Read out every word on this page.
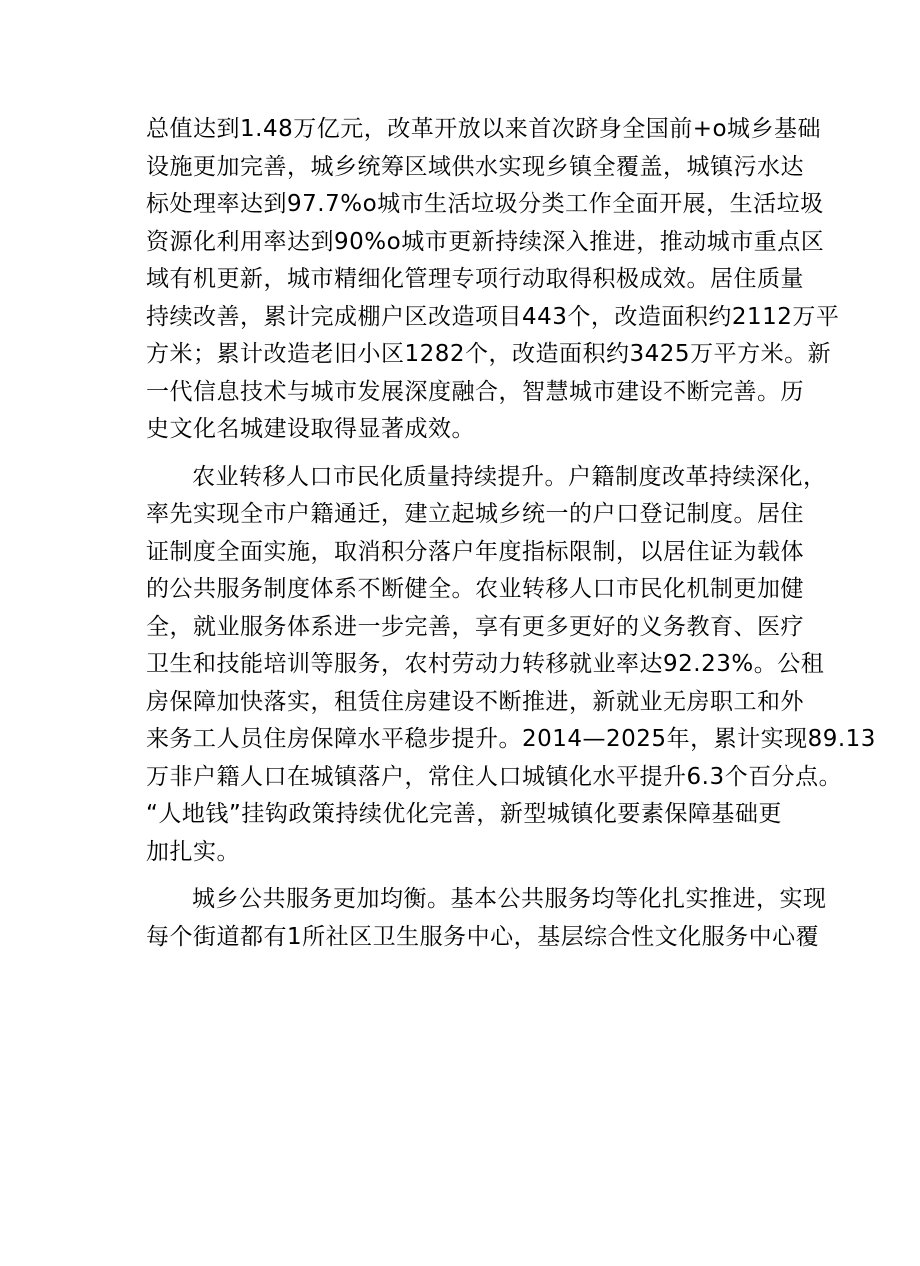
总值达到1.48万亿元，改革开放以来首次跻身全国前+o城乡基础
设施更加完善，城乡统筹区域供水实现乡镇全覆盖，城镇污水达
标处理率达到97.7%o城市生活垃圾分类工作全面开展，生活垃圾
资源化利用率达到90%o城市更新持续深入推进，推动城市重点区
域有机更新，城市精细化管理专项行动取得积极成效。居住质量
持续改善，累计完成棚户区改造项目443个，改造面积约2112万平
方米；累计改造老旧小区1282个，改造面积约3425万平方米。新
一代信息技术与城市发展深度融合，智慧城市建设不断完善。历
史文化名城建设取得显著成效。
农业转移人口市民化质量持续提升。户籍制度改革持续深化，
率先实现全市户籍通迁，建立起城乡统一的户口登记制度。居住
证制度全面实施，取消积分落户年度指标限制，以居住证为载体
的公共服务制度体系不断健全。农业转移人口市民化机制更加健
全，就业服务体系进一步完善，享有更多更好的义务教育、医疗
卫生和技能培训等服务，农村劳动力转移就业率达92.23%。公租
房保障加快落实，租赁住房建设不断推进，新就业无房职工和外
来务工人员住房保障水平稳步提升。2014—2025年，累计实现89.13
万非户籍人口在城镇落户，常住人口城镇化水平提升6.3个百分点。
“人地钱”挂钩政策持续优化完善，新型城镇化要素保障基础更
加扎实。
城乡公共服务更加均衡。基本公共服务均等化扎实推进，实现
每个街道都有1所社区卫生服务中心，基层综合性文化服务中心覆
